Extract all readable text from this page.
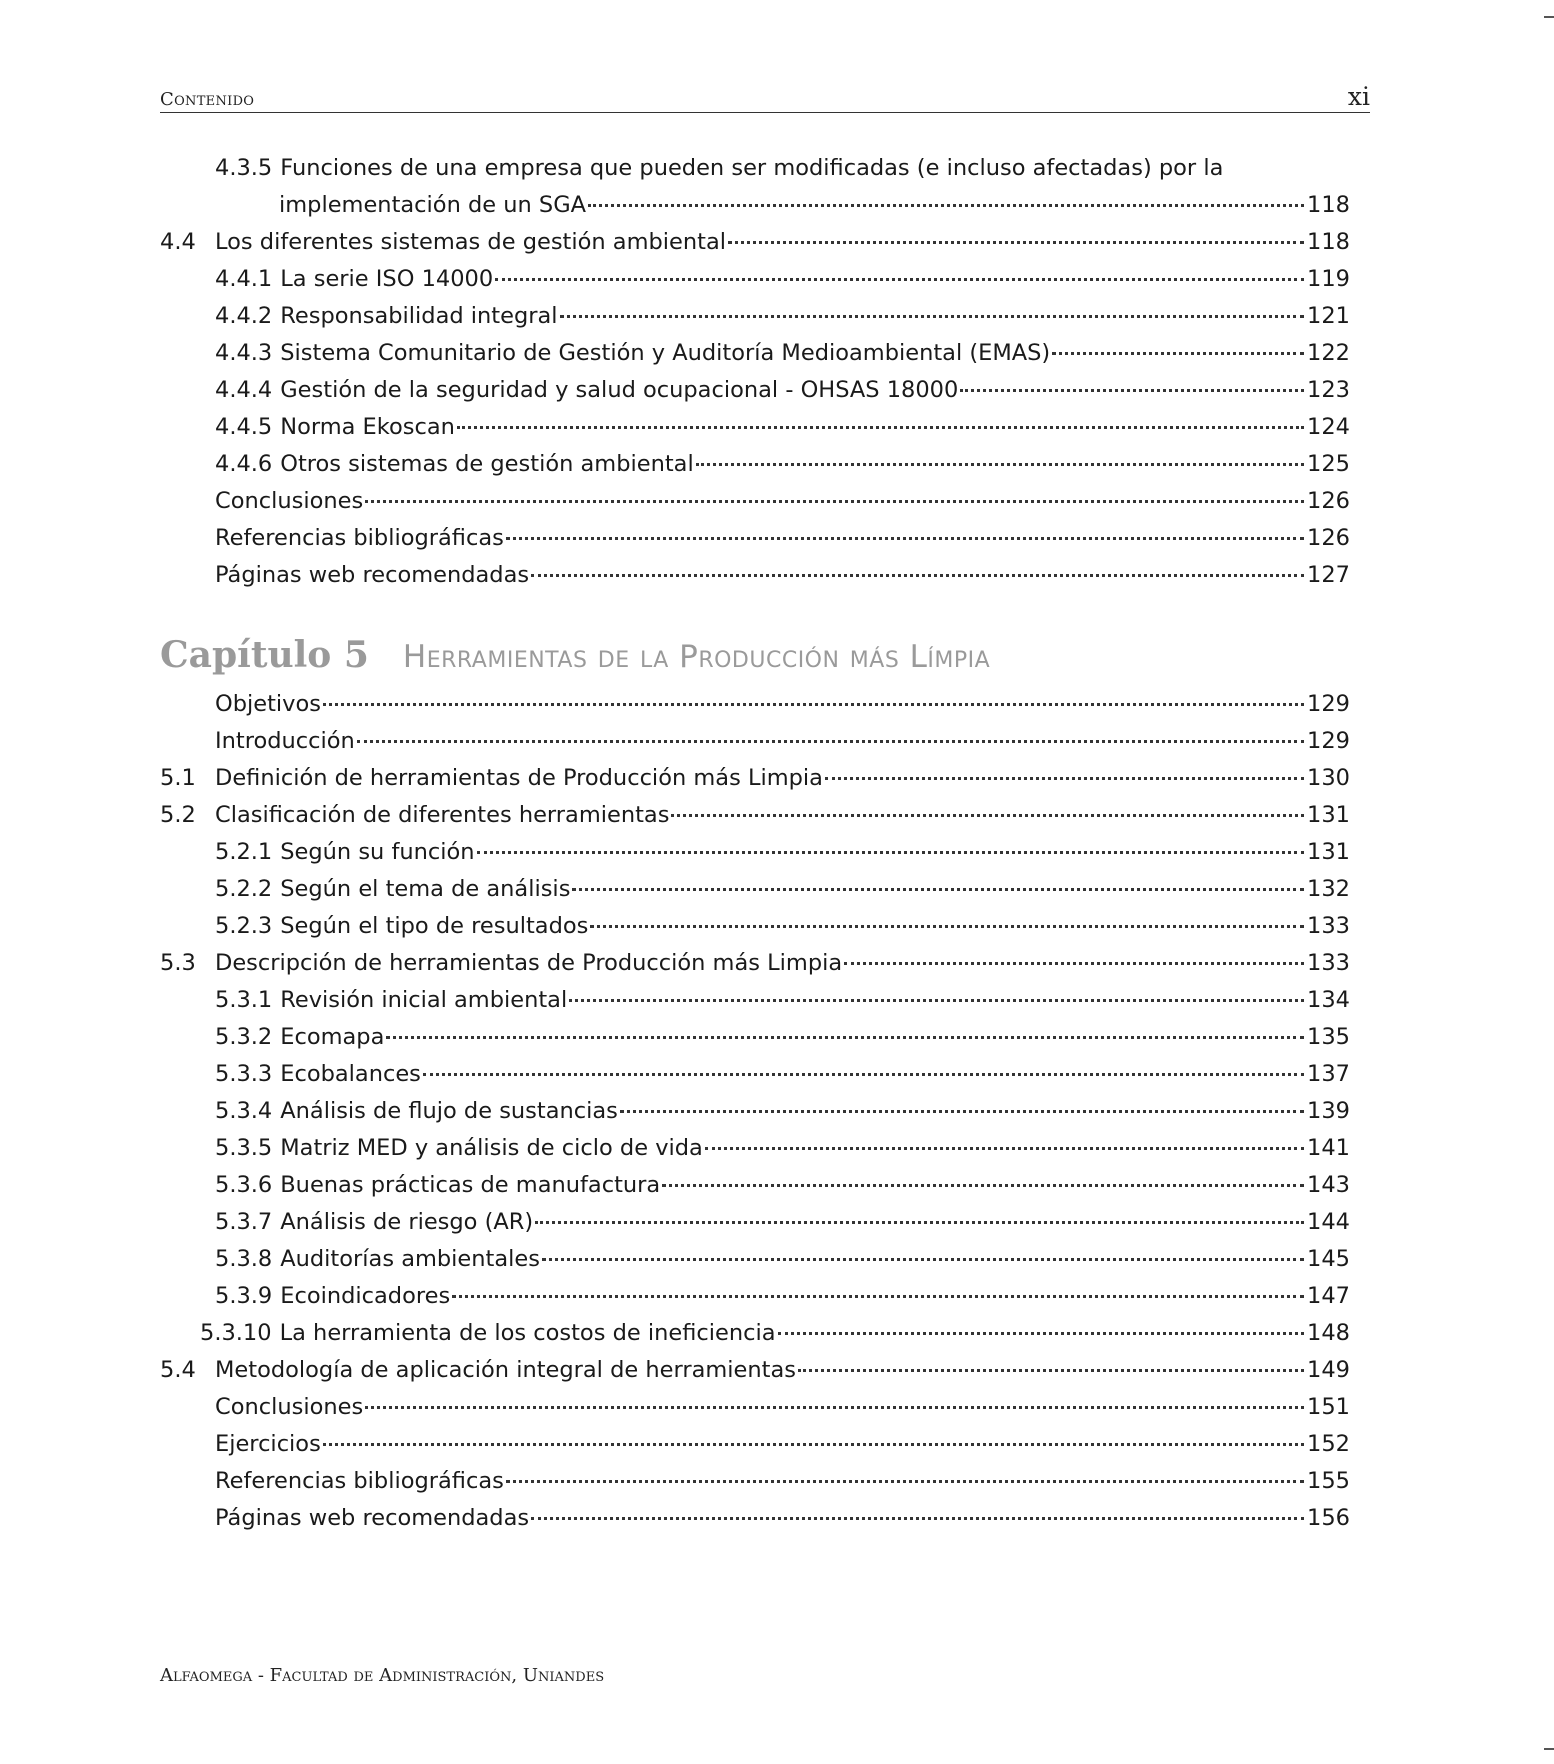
Contenido	xi
4.3.5 Funciones de una empresa que pueden ser modificadas (e incluso afectadas) por la
implementación de un SGA	118
4.4 Los diferentes sistemas de gestión ambiental	118
4.4.1 La serie ISO 14000	119
4.4.2 Responsabilidad integral	121
4.4.3 Sistema Comunitario de Gestión y Auditoría Medioambiental (EMAS)	122
4.4.4 Gestión de la seguridad y salud ocupacional - OHSAS 18000	123
4.4.5 Norma Ekoscan	124
4.4.6 Otros sistemas de gestión ambiental	125
Conclusiones	126
Referencias bibliográficas	126
Páginas web recomendadas	127
Capítulo 5 Herramientas de la Producción más Límpia
Objetivos	129
Introducción	129
5.1 Definición de herramientas de Producción más Limpia	130
5.2 Clasificación de diferentes herramientas	131
5.2.1 Según su función	131
5.2.2 Según el tema de análisis	132
5.2.3 Según el tipo de resultados	133
5.3 Descripción de herramientas de Producción más Limpia	133
5.3.1 Revisión inicial ambiental	134
5.3.2 Ecomapa	135
5.3.3 Ecobalances	137
5.3.4 Análisis de flujo de sustancias	139
5.3.5 Matriz MED y análisis de ciclo de vida	141
5.3.6 Buenas prácticas de manufactura	143
5.3.7 Análisis de riesgo (AR)	144
5.3.8 Auditorías ambientales	145
5.3.9 Ecoindicadores	147
5.3.10 La herramienta de los costos de ineficiencia	148
5.4 Metodología de aplicación integral de herramientas	149
Conclusiones	151
Ejercicios	152
Referencias bibliográficas	155
Páginas web recomendadas	156
Alfaomega - Facultad de Administración, Uniandes
